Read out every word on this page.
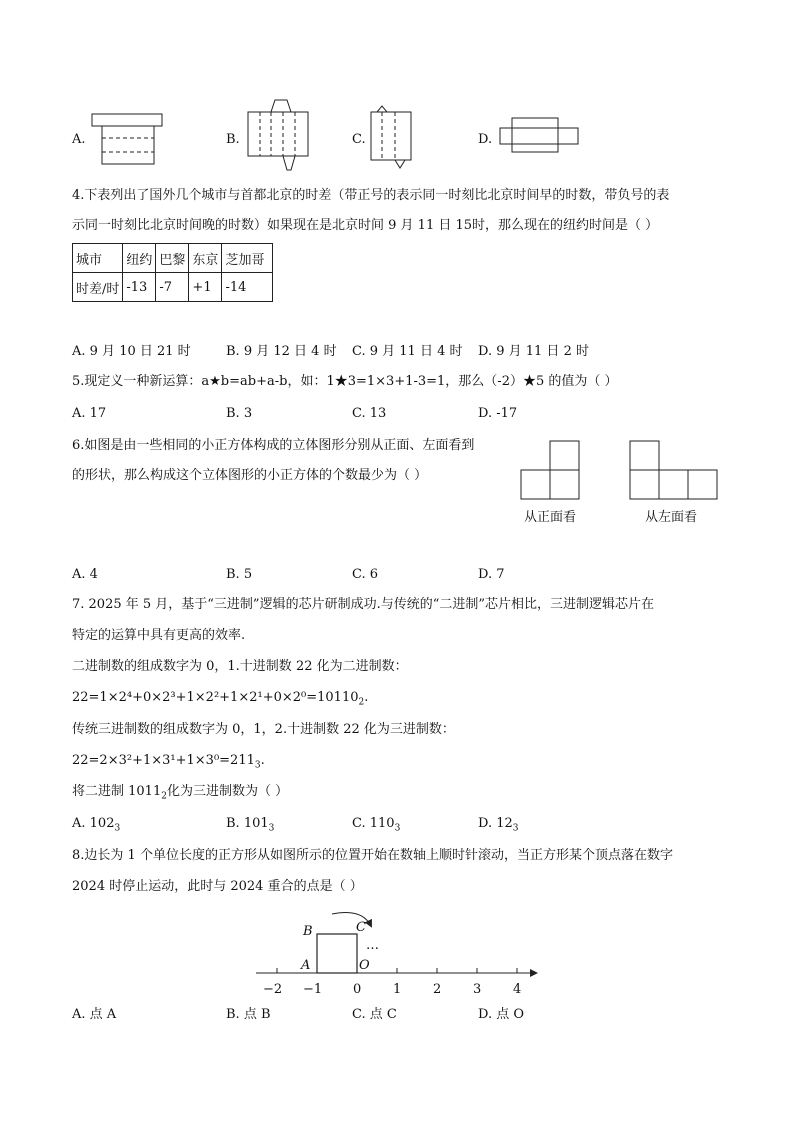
A.	B.	C.	D.
4.下表列出了国外几个城市与首都北京的时差（带正号的表示同一时刻比北京时间早的时数，带负号的表
示同一时刻比北京时间晚的时数）如果现在是北京时间 9 月 11 日 15时，那么现在的纽约时间是（ ）
城市	纽约	巴黎	东京	芝加哥
时差/时	-13	-7	+1	-14
A. 9 月 10 日 21 时	B. 9 月 12 日 4 时 C. 9 月 11 日 4 时 D. 9 月 11 日 2 时
5.现定义一种新运算：a★b=ab+a-b，如：1★3=1×3+1-3=1，那么（-2）★5 的值为（ ）
A. 17	B. 3	C. 13	D. -17
6.如图是由一些相同的小正方体构成的立体图形分别从正面、左面看到
的形状，那么构成这个立体图形的小正方体的个数最少为（ ）
从正面看	从左面看
A. 4	B. 5	C. 6	D. 7
7. 2025 年 5 月，基于“三进制”逻辑的芯片研制成功.与传统的“二进制”芯片相比，三进制逻辑芯片在
特定的运算中具有更高的效率.
二进制数的组成数字为 0，1.十进制数 22 化为二进制数：
$22=1\times 2^4+0\times 2^3+1\times 2^2+1\times 2^1+0\times 2^0=10110_2$.
传统三进制数的组成数字为 0，1，2.十进制数 22 化为三进制数：
$22=2\times 3^2+1\times 3^1+1\times 3^0=211_3$.
将二进制 $1011_2$化为三进制数为（ ）
A. $102_3$	B. $101_3$	C. $110_3$	D. $12_3$
8.边长为 1 个单位长度的正方形从如图所示的位置开始在数轴上顺时针滚动，当正方形某个顶点落在数字
2024 时停止运动，此时与 2024 重合的点是（ ）
B	C
A	O
…
−2 −1 0 1 2 3 4
A. 点 A	B. 点 B	C. 点 C	D. 点 O
